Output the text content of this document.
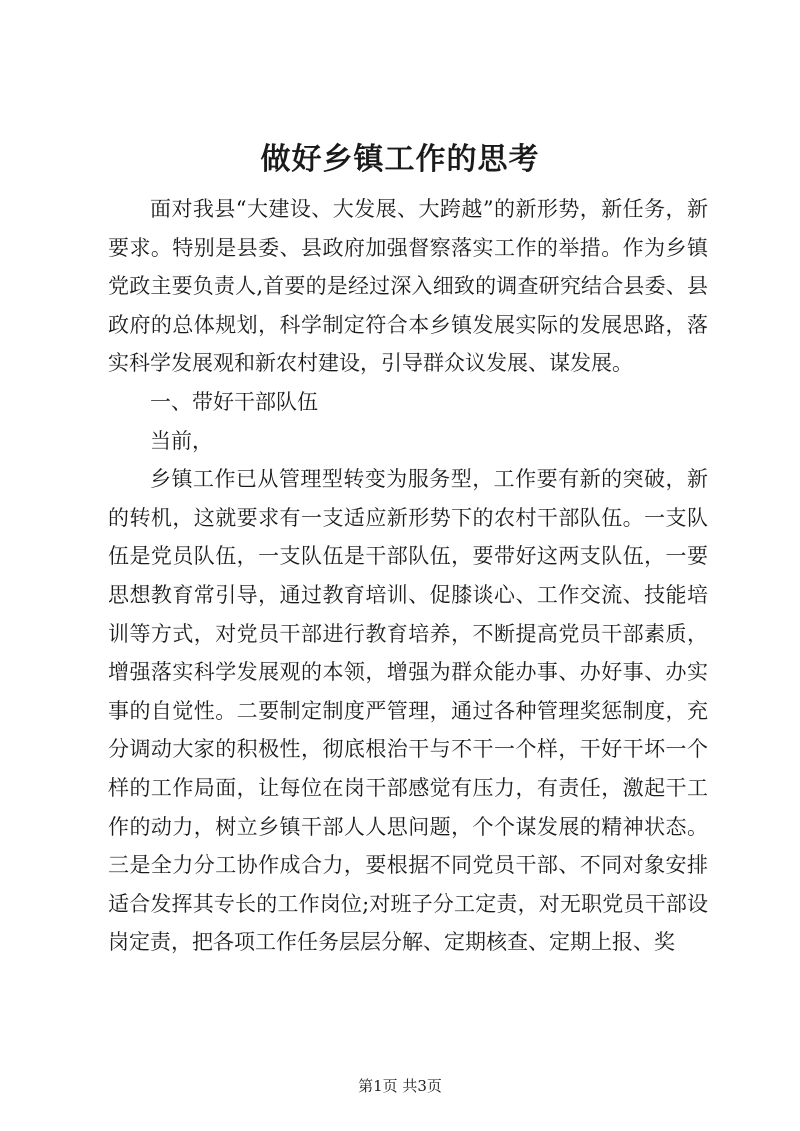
做好乡镇工作的思考

面对我县“大建设、大发展、大跨越”的新形势，新任务，新要求。特别是县委、县政府加强督察落实工作的举措。作为乡镇党政主要负责人,首要的是经过深入细致的调查研究结合县委、县政府的总体规划，科学制定符合本乡镇发展实际的发展思路，落实科学发展观和新农村建设，引导群众议发展、谋发展。

一、带好干部队伍

当前，

乡镇工作已从管理型转变为服务型，工作要有新的突破，新的转机，这就要求有一支适应新形势下的农村干部队伍。一支队伍是党员队伍，一支队伍是干部队伍，要带好这两支队伍，一要思想教育常引导，通过教育培训、促膝谈心、工作交流、技能培训等方式，对党员干部进行教育培养，不断提高党员干部素质，增强落实科学发展观的本领，增强为群众能办事、办好事、办实事的自觉性。二要制定制度严管理，通过各种管理奖惩制度，充分调动大家的积极性，彻底根治干与不干一个样，干好干坏一个样的工作局面，让每位在岗干部感觉有压力，有责任，激起干工作的动力，树立乡镇干部人人思问题，个个谋发展的精神状态。三是全力分工协作成合力，要根据不同党员干部、不同对象安排适合发挥其专长的工作岗位;对班子分工定责，对无职党员干部设岗定责，把各项工作任务层层分解、定期核查、定期上报、奖

第1页 共3页
